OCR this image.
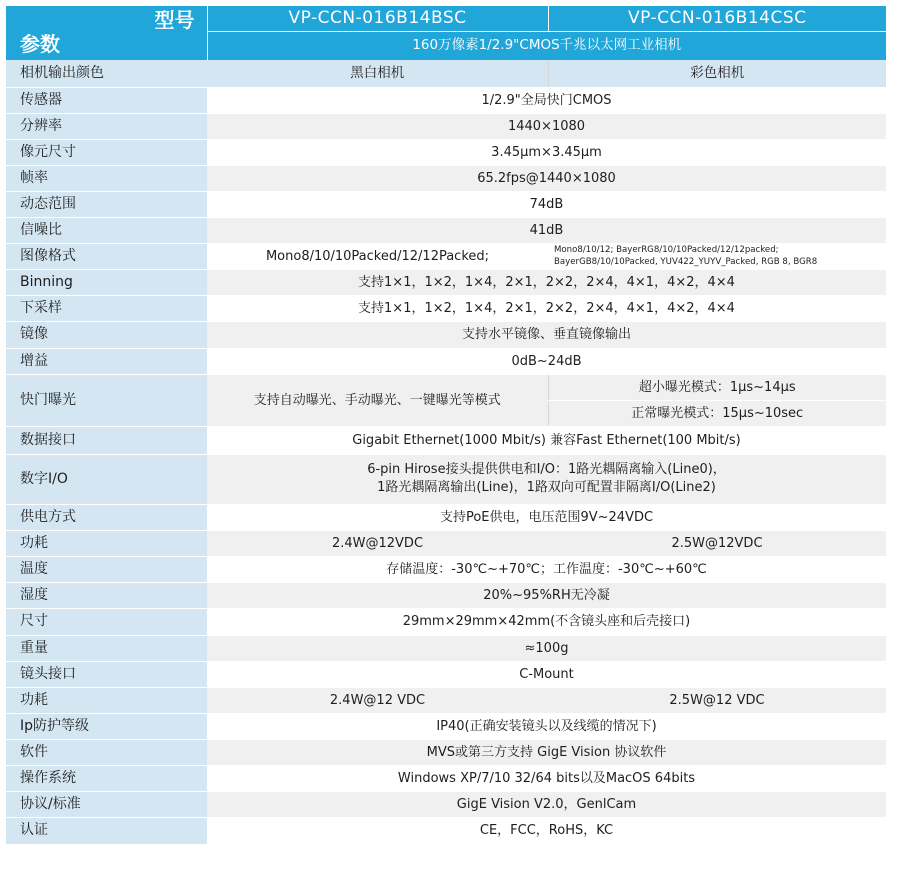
型号
参数	VP-CCN-016B14BSC	VP-CCN-016B14CSC
	160万像素1/2.9"CMOS千兆以太网工业相机	
相机输出颜色	黑白相机	彩色相机
传感器	1/2.9"全局快门CMOS	
分辨率	1440×1080	
像元尺寸	3.45μm×3.45μm	
帧率	65.2fps@1440×1080	
动态范围	74dB	
信噪比	41dB	
图像格式	Mono8/10/10Packed/12/12Packed;	Mono8/10/12; BayerRG8/10/10Packed/12/12packed;
BayerGB8/10/10Packed, YUV422_YUYV_Packed, RGB 8, BGR8

Binning	支持1×1，1×2，1×4，2×1，2×2，2×4，4×1，4×2，4×4	
下采样	支持1×1，1×2，1×4，2×1，2×2，2×4，4×1，4×2，4×4	
镜像	支持水平镜像、垂直镜像输出	
增益	0dB~24dB	
快门曝光	支持自动曝光、手动曝光、一键曝光等模式	超小曝光模式：1μs~14μs
		正常曝光模式：15μs~10sec
数据接口	Gigabit Ethernet(1000 Mbit/s) 兼容Fast Ethernet(100 Mbit/s)	
数字I/O	6-pin Hirose接头提供供电和I/O：1路光耦隔离输入(Line0)，
1路光耦隔离输出(Line)，1路双向可配置非隔离I/O(Line2)	

供电方式	支持PoE供电，电压范围9V~24VDC	
功耗	2.4W@12VDC	2.5W@12VDC
温度	存储温度：-30℃~+70℃；工作温度：-30℃~+60℃	
湿度	20%~95%RH无冷凝	
尺寸	29mm×29mm×42mm(不含镜头座和后壳接口)	
重量	≈100g	
镜头接口	C-Mount	
功耗	2.4W@12 VDC	2.5W@12 VDC
Ip防护等级	IP40(正确安装镜头以及线缆的情况下)	
软件	MVS或第三方支持 GigE Vision 协议软件	
操作系统	Windows XP/7/10 32/64 bits以及MacOS 64bits	
协议/标准	GigE Vision V2.0，GenlCam	
认证	CE，FCC，RoHS，KC	
